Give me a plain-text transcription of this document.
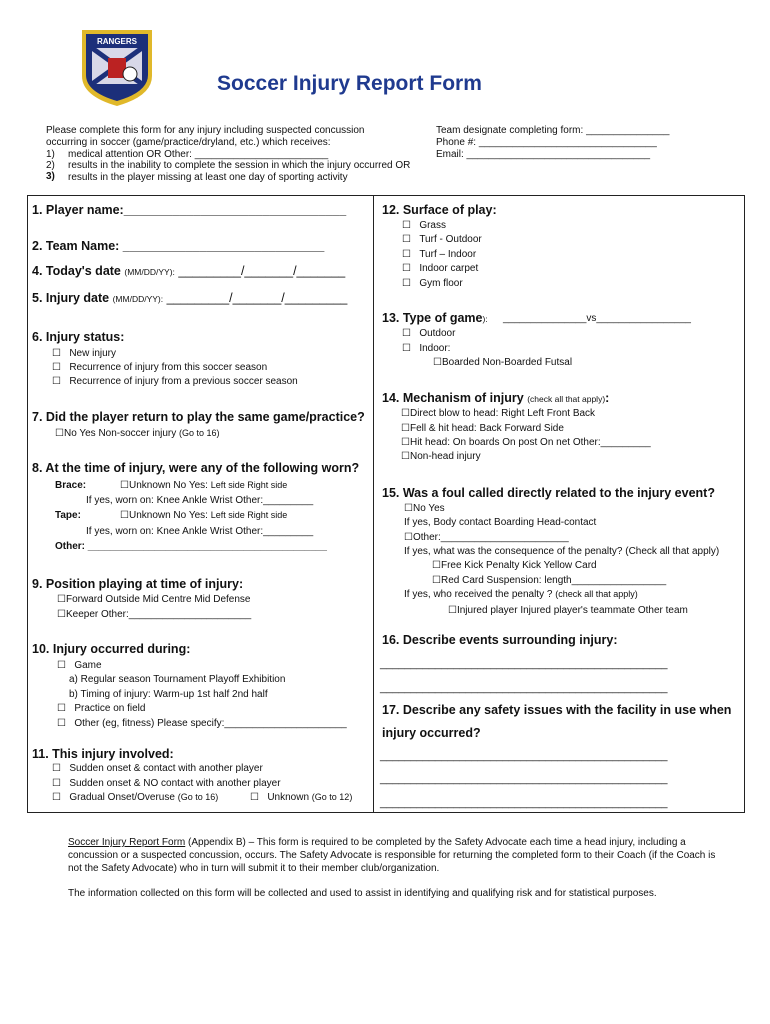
RANGERS
Soccer Injury Report Form
Please complete this form for any injury including suspected concussion
occurring in soccer (game/practice/dryland, etc.) which receives:
1) medical attention OR Other: ________________________
2) results in the inability to complete the session in which the injury occurred OR
3) results in the player missing at least one day of sporting activity
Team designate completing form: _______________
Phone #: ________________________________
Email: _________________________________
1. Player name:________________________________
2. Team Name: _____________________________
4. Today's date (MM/DD/YY): _________/_______/_______
5. Injury date (MM/DD/YY): _________/_______/_________
6. Injury status:
☐ New injury
☐ Recurrence of injury from this soccer season
☐ Recurrence of injury from a previous soccer season
7. Did the player return to play the same game/practice?
☐No Yes Non-soccer injury (Go to 16)
8. At the time of injury, were any of the following worn?
Brace:	☐Unknown No Yes: Left side Right side
If yes, worn on: Knee Ankle Wrist Other:_________
Tape:	☐Unknown No Yes: Left side Right side
If yes, worn on: Knee Ankle Wrist Other:_________
Other: ___________________________________________
9. Position playing at time of injury:
☐Forward Outside Mid Centre Mid Defense
☐Keeper Other:______________________
10. Injury occurred during:
☐ Game
a) Regular season Tournament Playoff Exhibition
b) Timing of injury: Warm-up 1st half 2nd half
☐ Practice on field
☐ Other (eg, fitness) Please specify:______________________
11. This injury involved:
☐ Sudden onset & contact with another player
☐ Sudden onset & NO contact with another player
☐ Gradual Onset/Overuse (Go to 16)	☐ Unknown (Go to 12)
12. Surface of play:
☐ Grass
☐ Turf - Outdoor
☐ Turf – Indoor
☐ Indoor carpet
☐ Gym floor
13. Type of game): _______________vs_________________
☐ Outdoor
☐ Indoor:
☐Boarded Non-Boarded Futsal
14. Mechanism of injury (check all that apply):
☐Direct blow to head: Right Left Front Back
☐Fell & hit head: Back Forward Side
☐Hit head: On boards On post On net Other:_________
☐Non-head injury
15. Was a foul called directly related to the injury event?
☐No Yes
If yes, Body contact Boarding Head-contact
☐Other:_______________________
If yes, what was the consequence of the penalty? (Check all that apply)
☐Free Kick Penalty Kick Yellow Card
☐Red Card Suspension: length_________________
If yes, who received the penalty ? (check all that apply)
☐Injured player Injured player's teammate Other team
16. Describe events surrounding injury:
_______________________________________________
_______________________________________________
17. Describe any safety issues with the facility in use when
injury occurred?
_______________________________________________
_______________________________________________
_______________________________________________
Soccer Injury Report Form (Appendix B) – This form is required to be completed by the Safety Advocate each time a head injury, including a concussion or a suspected concussion, occurs. The Safety Advocate is responsible for returning the completed form to their Coach (if the Coach is not the Safety Advocate) who in turn will submit it to their member club/organization.
The information collected on this form will be collected and used to assist in identifying and qualifying risk and for statistical purposes.
